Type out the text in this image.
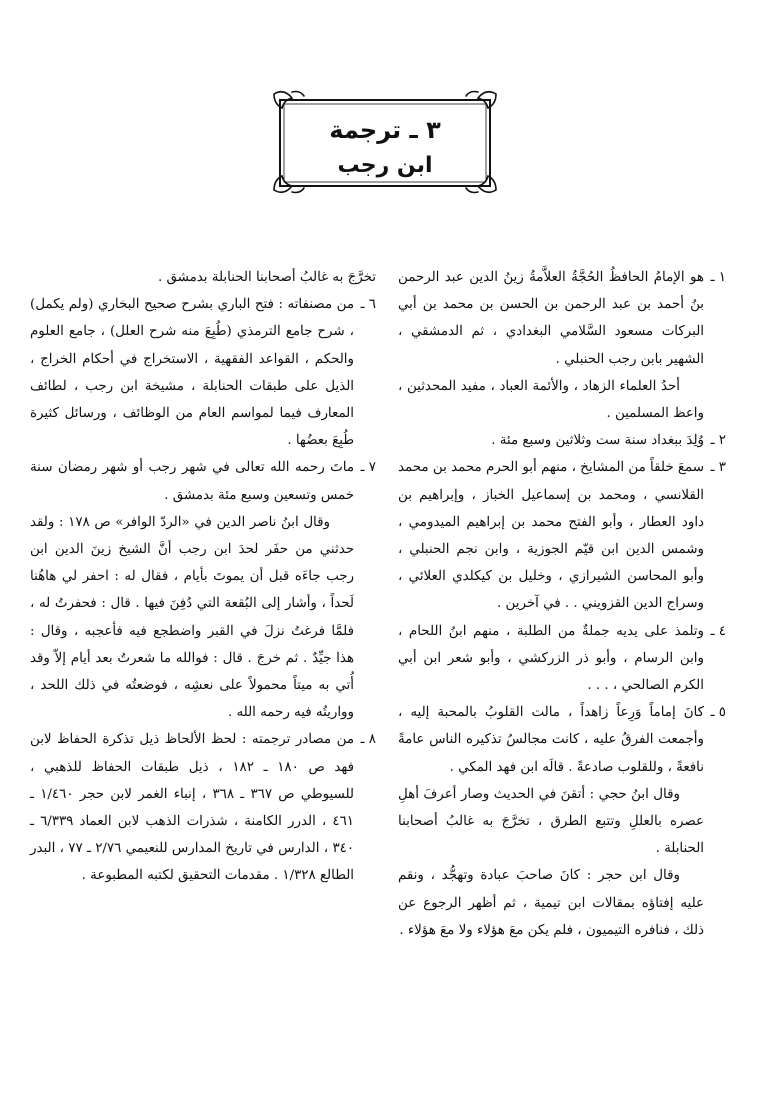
٣ ـ ترجمة
ابن رجب
١ ـ
هو الإمامُ الحافظُ الحُجَّةُ العلاَّمةُ زينُ الدين عبد الرحمن بنُ أحمد بن عبد الرحمن بن الحسن بن محمد بن أبي البركات مسعود السَّلامي البغدادي ، ثم الدمشقي ، الشهير بابن رجب الحنبلي .
أحدُ العلماء الزهاد ، والأئمة العباد ، مفيد المحدثين ، واعظ المسلمين .
٢ ـ
وُلِدَ ببغداد سنة ست وثلاثين وسبع مئة .
٣ ـ
سمعَ خلقاً من المشايخ ، منهم أبو الحرم محمد بن محمد القلانسي ، ومحمد بن إسماعيل الخباز ، وإبراهيم بن داود العطار ، وأبو الفتح محمد بن إبراهيم الميدومي ، وشمس الدين ابن قيّم الجوزية ، وابن نجم الحنبلي ، وأبو المحاسن الشيرازي ، وخليل بن كيكلدي العلائي ، وسراج الدين القزويني . . في آخرين .
٤ ـ
وتلمذ على يديه جملةٌ من الطلبة ، منهم ابنُ اللحام ، وابن الرسام ، وأبو ذر الزركشي ، وأبو شعر ابن أبي الكرم الصالحي ، . . .
٥ ـ
كانَ إماماً وَرِعاً زاهداً ، مالت القلوبُ بالمحبة إليه ، وأجمعت الفرقُ عليه ، كانت مجالسُ تذكيره الناس عامةً نافعةً ، وللقلوب صادعةً . قالَه ابن فهد المكي .
وقال ابنُ حجي : أتقنَ في الحديث وصار أعرفَ أهلِ عصره بالعللِ وتتبع الطرق ، تخرَّجَ به غالبُ أصحابنا الحنابلة .
وقال ابن حجر : كانَ صاحبَ عبادة وتهجُّد ، ونقم عليه إفتاؤه بمقالات ابن تيمية ، ثم أظهر الرجوع عن ذلك ، فنافره التيميون ، فلم يكن معَ هؤلاء ولا معَ هؤلاء .
تخرَّجَ به غالبُ أصحابنا الحنابلة بدمشق .
٦ ـ
من مصنفاته : فتح الباري بشرح صحيح البخاري (ولم يكمل) ، شرح جامع الترمذي (طُبِعَ منه شرح العلل) ، جامع العلوم والحكم ، القواعد الفقهية ، الاستخراج في أحكام الخراج ، الذيل على طبقات الحنابلة ، مشيخة ابن رجب ، لطائف المعارف فيما لمواسم العام من الوظائف ، ورسائل كثيرة طُبِعَ بعضُها .
٧ ـ
ماتَ رحمه الله تعالى في شهر رجب أو شهر رمضان سنة خمس وتسعين وسبع مئة بدمشق .
وقال ابنُ ناصر الدين في «الردّ الوافر» ص ١٧٨ : ولقد حدثني من حفَر لحدَ ابن رجب أنَّ الشيخ زينَ الدين ابن رجب جاءَه قبل أن يموتَ بأيام ، فقال له : احفر لي هاهُنا لَحداً ، وأشار إلى البُقعة التي دُفِنَ فيها . قال : فحفرتُ له ، فلمَّا فرغتُ نزلَ في القبر واضطجع فيه فأعجبه ، وقال : هذا جيِّدٌ . ثم خرجَ . قال : فوالله ما شعرتُ بعد أيام إلاّ وقد أُتي به ميتاً محمولاً على نعشِه ، فوضعتُه في ذلك اللحد ، وواريتُه فيه رحمه الله .
٨ ـ
من مصادر ترجمته : لحظ الألحاظ ذيل تذكرة الحفاظ لابن فهد ص ١٨٠ ـ ١٨٢ ، ذيل طبقات الحفاظ للذهبي ، للسيوطي ص ٣٦٧ ـ ٣٦٨ ، إنباء الغمر لابن حجر ١/٤٦٠ ـ ٤٦١ ، الدرر الكامنة ، شذرات الذهب لابن العماد ٦/٣٣٩ ـ ٣٤٠ ، الدارس في تاريخ المدارس للنعيمي ٢/٧٦ ـ ٧٧ ، البدر الطالع ١/٣٢٨ . مقدمات التحقيق لكتبه المطبوعة .
